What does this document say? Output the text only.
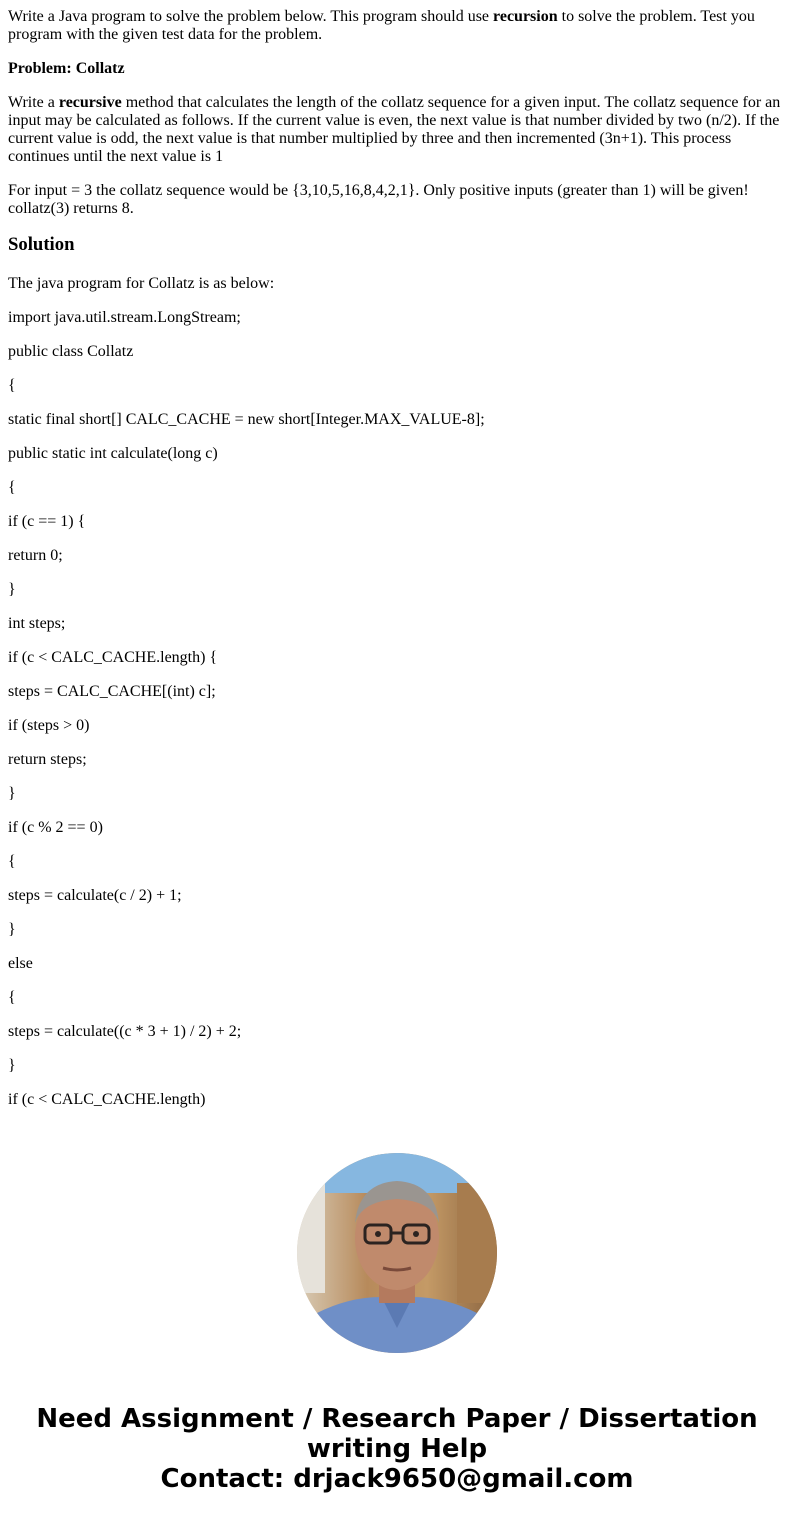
Write a Java program to solve the problem below. This program should use recursion to solve the problem. Test you program with the given test data for the problem.

Problem: Collatz

Write a recursive method that calculates the length of the collatz sequence for a given input. The collatz sequence for an input may be calculated as follows. If the current value is even, the next value is that number divided by two (n/2). If the current value is odd, the next value is that number multiplied by three and then incremented (3n+1). This process continues until the next value is 1

For input = 3 the collatz sequence would be {3,10,5,16,8,4,2,1}. Only positive inputs (greater than 1) will be given!
collatz(3) returns 8.

Solution

The java program for Collatz is as below:

import java.util.stream.LongStream;
public class Collatz
{
static final short[] CALC_CACHE = new short[Integer.MAX_VALUE-8];
public static int calculate(long c)
{
if (c == 1) {
return 0;
}
int steps;
if (c < CALC_CACHE.length) {
steps = CALC_CACHE[(int) c];
if (steps > 0)
return steps;
}
if (c % 2 == 0)
{
steps = calculate(c / 2) + 1;
}
else
{
steps = calculate((c * 3 + 1) / 2) + 2;
}
if (c < CALC_CACHE.length)
Need Assignment / Research Paper / Dissertation
writing Help
Contact: drjack9650@gmail.com
